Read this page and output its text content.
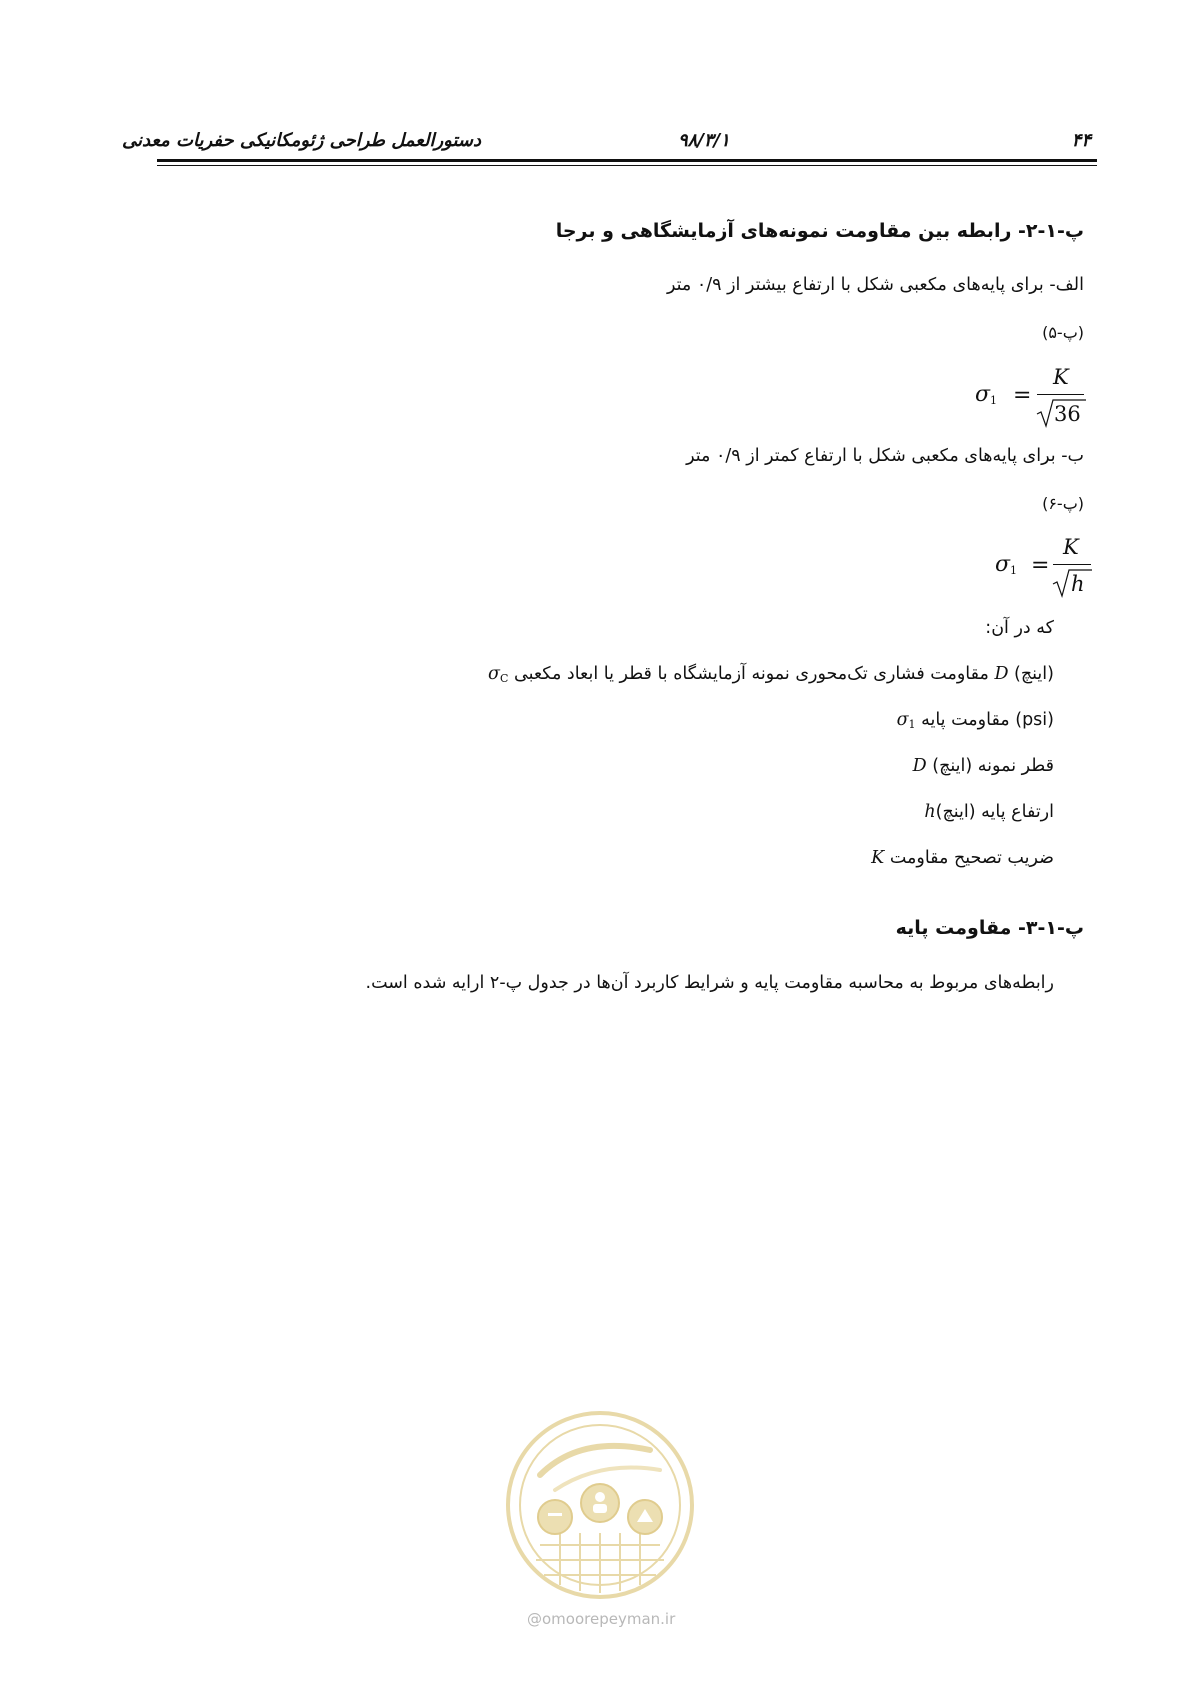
۴۴
۹۸/۳/۱
دستورالعمل طراحی ژئومکانیکی حفریات معدنی
پ-۱-۲- رابطه بین مقاومت نمونه‌های آزمایشگاهی و برجا
الف- برای پایه‌های مکعبی شکل با ارتفاع بیشتر از ۰/۹ متر
(پ-۵)
$\sigma_1$ =
K
36
ب- برای پایه‌های مکعبی شکل با ارتفاع کمتر از ۰/۹ متر
(پ-۶)
$\sigma_1$ =
K
h
که در آن:
$\sigma_C$ مقاومت فشاری تک‌محوری نمونه آزمایشگاه با قطر یا ابعاد مکعبی D (اینچ)
$\sigma_1$ مقاومت پایه (psi)
D قطر نمونه (اینچ)
hارتفاع پایه (اینچ)
K ضریب تصحیح مقاومت
پ-۱-۳- مقاومت پایه
رابطه‌های مربوط به محاسبه مقاومت پایه و شرایط کاربرد آن‌ها در جدول پ-۲ ارایه شده است.
@omoorepeyman.ir
